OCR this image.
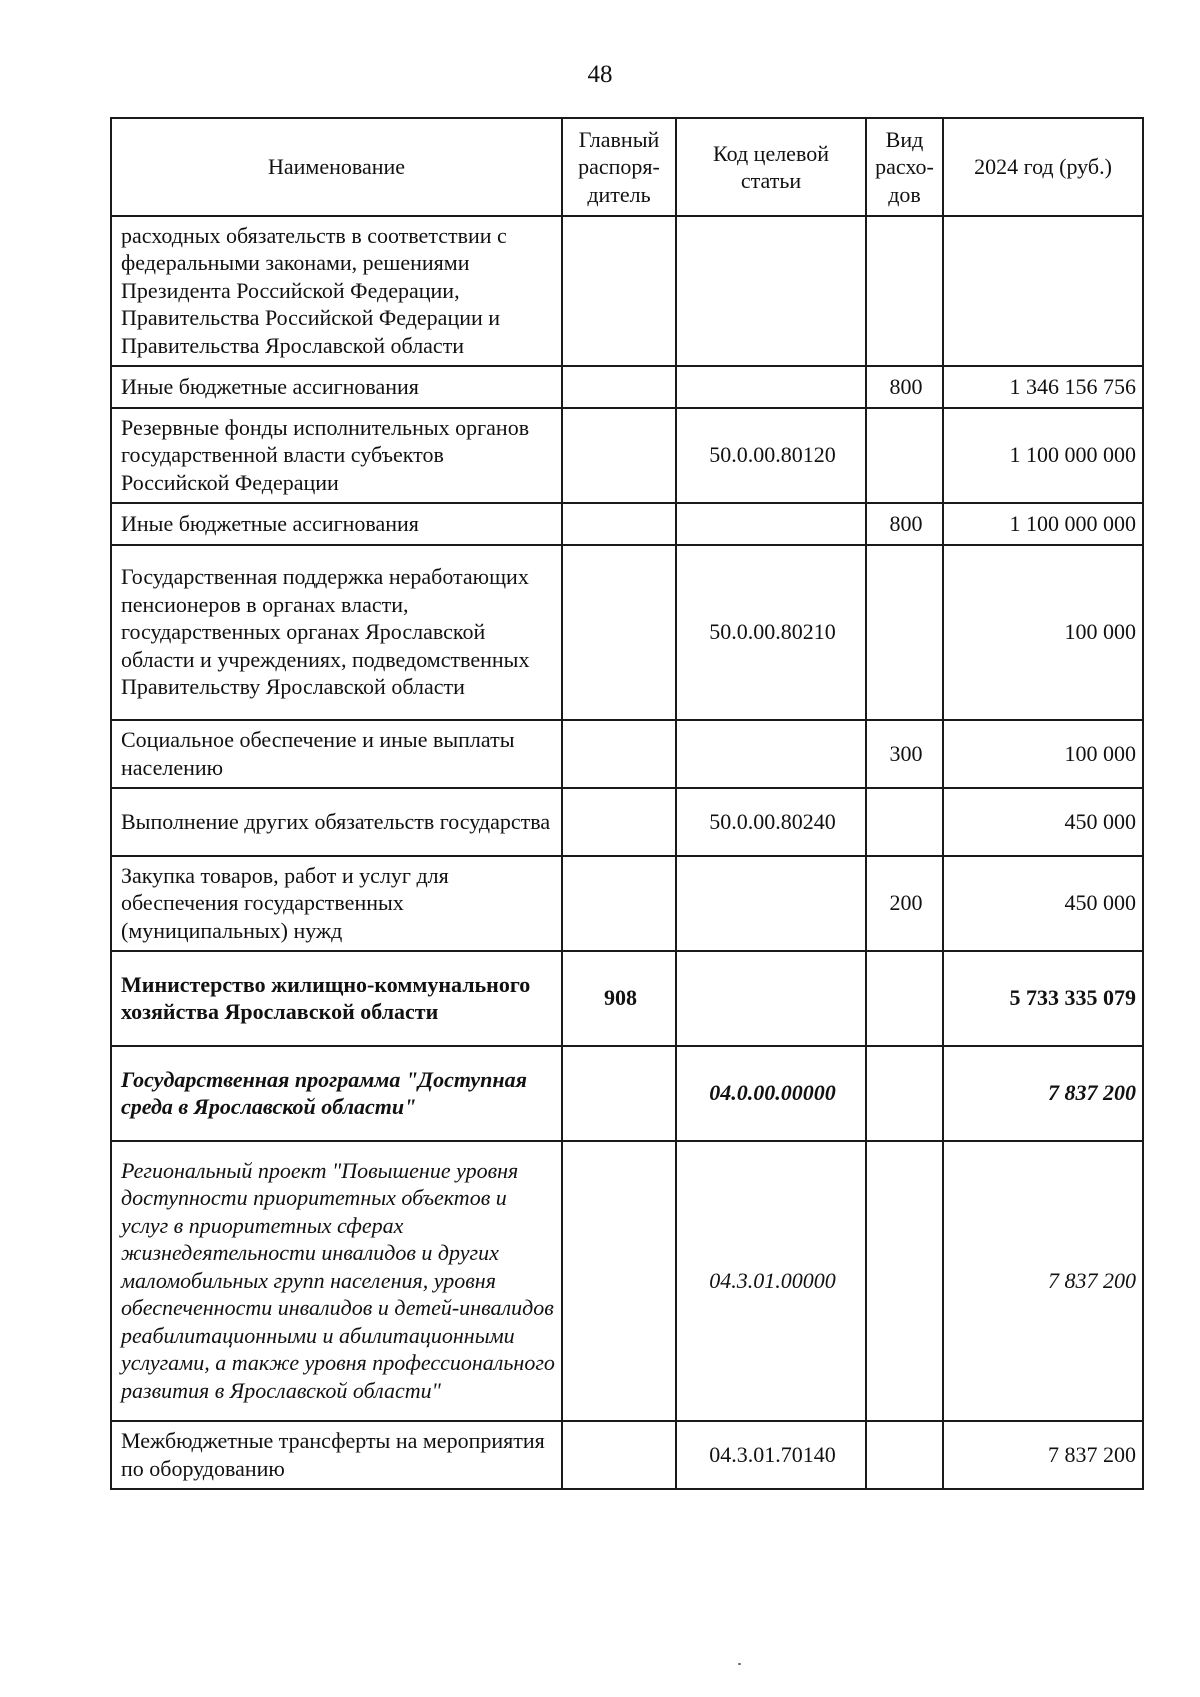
48
Наименование	Главный распоря-дитель	Код целевой статьи	Вид расхо-дов	2024 год (руб.)
расходных обязательств в соответствии с федеральными законами, решениями Президента Российской Федерации, Правительства Российской Федерации и Правительства Ярославской области				
Иные бюджетные ассигнования			800	1 346 156 756
Резервные фонды исполнительных органов государственной власти субъектов Российской Федерации		50.0.00.80120		1 100 000 000
Иные бюджетные ассигнования			800	1 100 000 000
Государственная поддержка неработающих пенсионеров в органах власти, государственных органах Ярославской области и учреждениях, подведомственных Правительству Ярославской области		50.0.00.80210		100 000
Социальное обеспечение и иные выплаты населению			300	100 000
Выполнение других обязательств государства		50.0.00.80240		450 000
Закупка товаров, работ и услуг для обеспечения государственных (муниципальных) нужд			200	450 000
Министерство жилищно-коммунального хозяйства Ярославской области	908			5 733 335 079
Государственная программа "Доступная среда в Ярославской области"		04.0.00.00000		7 837 200
Региональный проект "Повышение уровня доступности приоритетных объектов и услуг в приоритетных сферах жизнедеятельности инвалидов и других маломобильных групп населения, уровня обеспеченности инвалидов и детей-инвалидов реабилитационными и абилитационными услугами, а также уровня профессионального развития в Ярославской области"		04.3.01.00000		7 837 200
Межбюджетные трансферты на мероприятия по оборудованию		04.3.01.70140		7 837 200
